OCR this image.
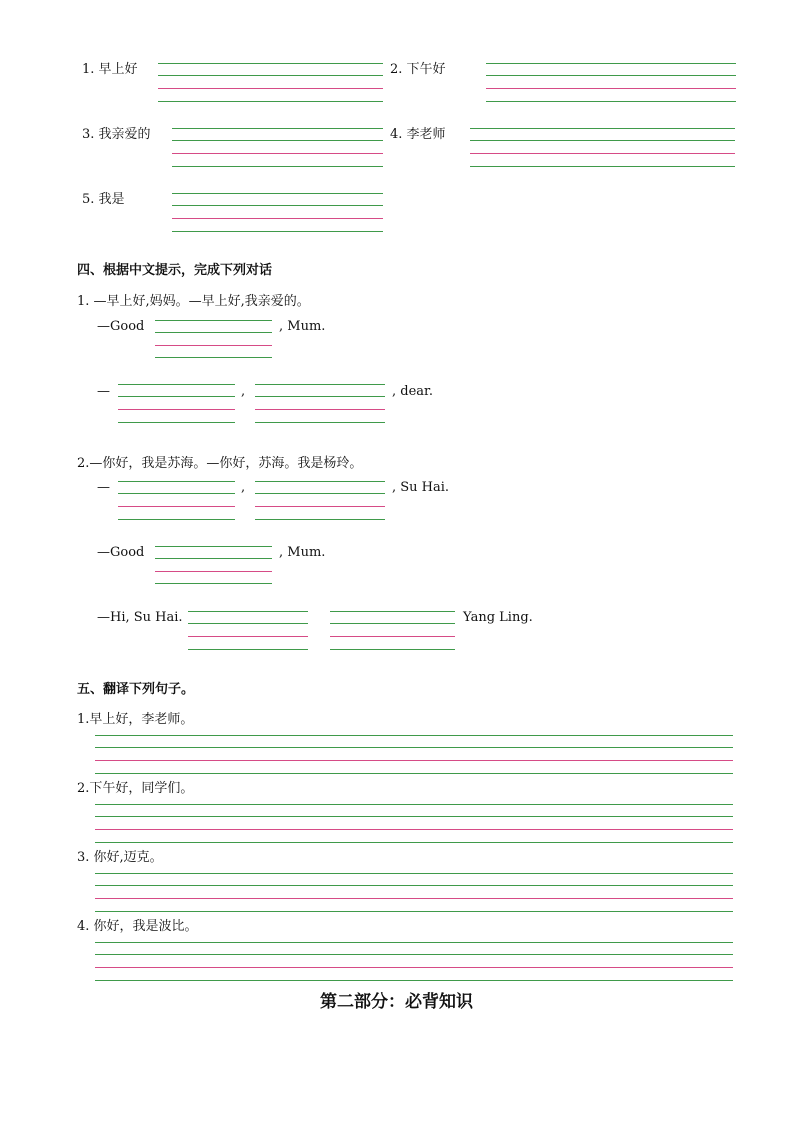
1. 早上好	2. 下午好
3. 我亲爱的	4. 李老师
5. 我是
四、根据中文提示，完成下列对话
1. —早上好,妈妈。—早上好,我亲爱的。
—Good	, Mum.
—	,	, dear.
2.—你好，我是苏海。—你好，苏海。我是杨玲。
—	,	, Su Hai.
—Good	, Mum.
—Hi, Su Hai.	Yang Ling.
五、翻译下列句子。
1.早上好，李老师。
2.下午好，同学们。
3. 你好,迈克。
4. 你好，我是波比。
第二部分：必背知识
